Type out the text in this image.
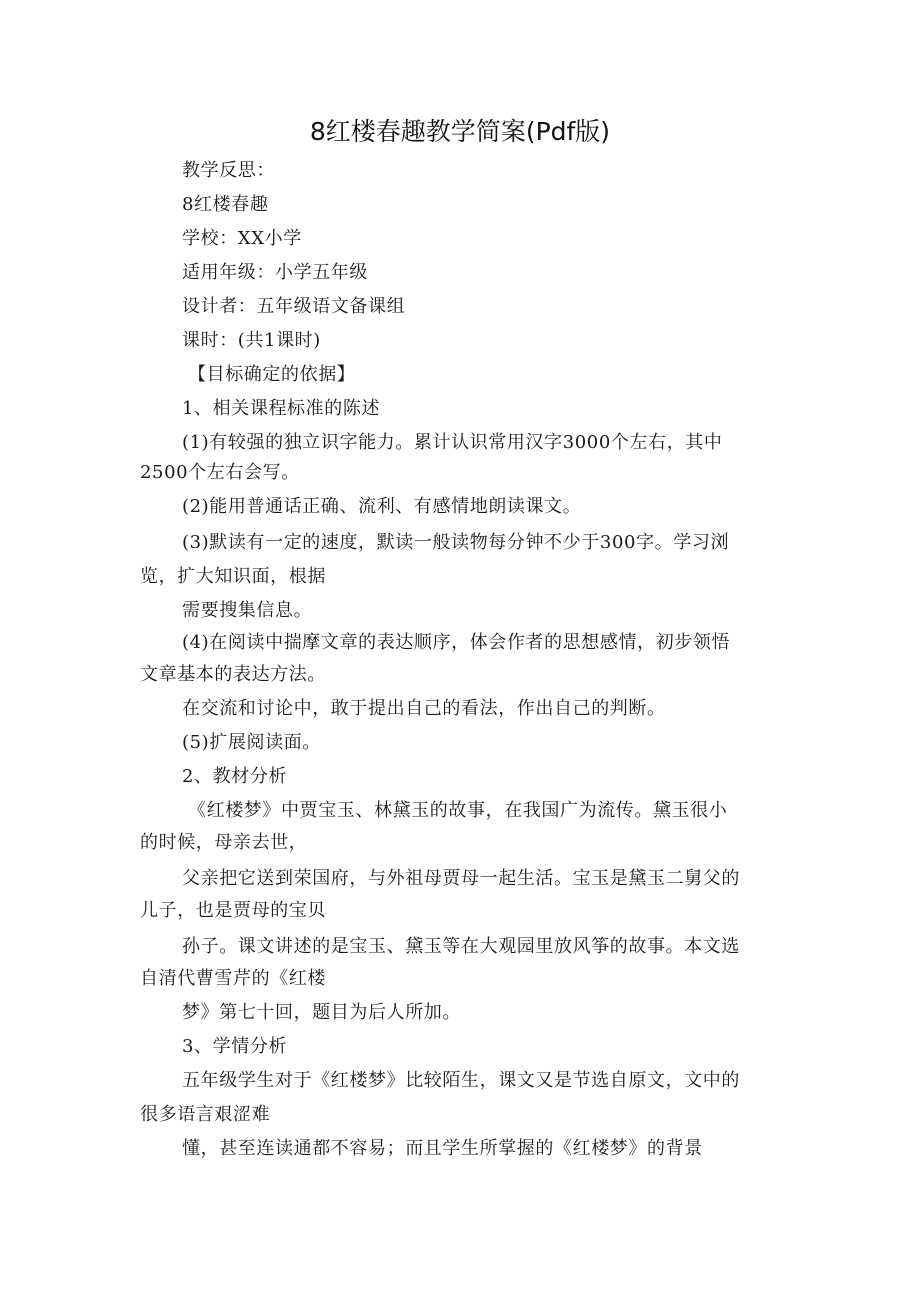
8红楼春趣教学简案(Pdf版)
教学反思：
8红楼春趣
学校：XX小学
适用年级：小学五年级
设计者：五年级语文备课组
课时：(共1课时)
【目标确定的依据】
1、相关课程标准的陈述
(1)有较强的独立识字能力。累计认识常用汉字3000个左右，其中
2500个左右会写。
(2)能用普通话正确、流利、有感情地朗读课文。
(3)默读有一定的速度，默读一般读物每分钟不少于300字。学习浏
览，扩大知识面，根据
需要搜集信息。
(4)在阅读中揣摩文章的表达顺序，体会作者的思想感情，初步领悟
文章基本的表达方法。
在交流和讨论中，敢于提出自己的看法，作出自己的判断。
(5)扩展阅读面。
2、教材分析
《红楼梦》中贾宝玉、林黛玉的故事，在我国广为流传。黛玉很小
的时候，母亲去世，
父亲把它送到荣国府，与外祖母贾母一起生活。宝玉是黛玉二舅父的
儿子，也是贾母的宝贝
孙子。课文讲述的是宝玉、黛玉等在大观园里放风筝的故事。本文选
自清代曹雪芹的《红楼
梦》第七十回，题目为后人所加。
3、学情分析
五年级学生对于《红楼梦》比较陌生，课文又是节选自原文，文中的
很多语言艰涩难
懂，甚至连读通都不容易；而且学生所掌握的《红楼梦》的背景
